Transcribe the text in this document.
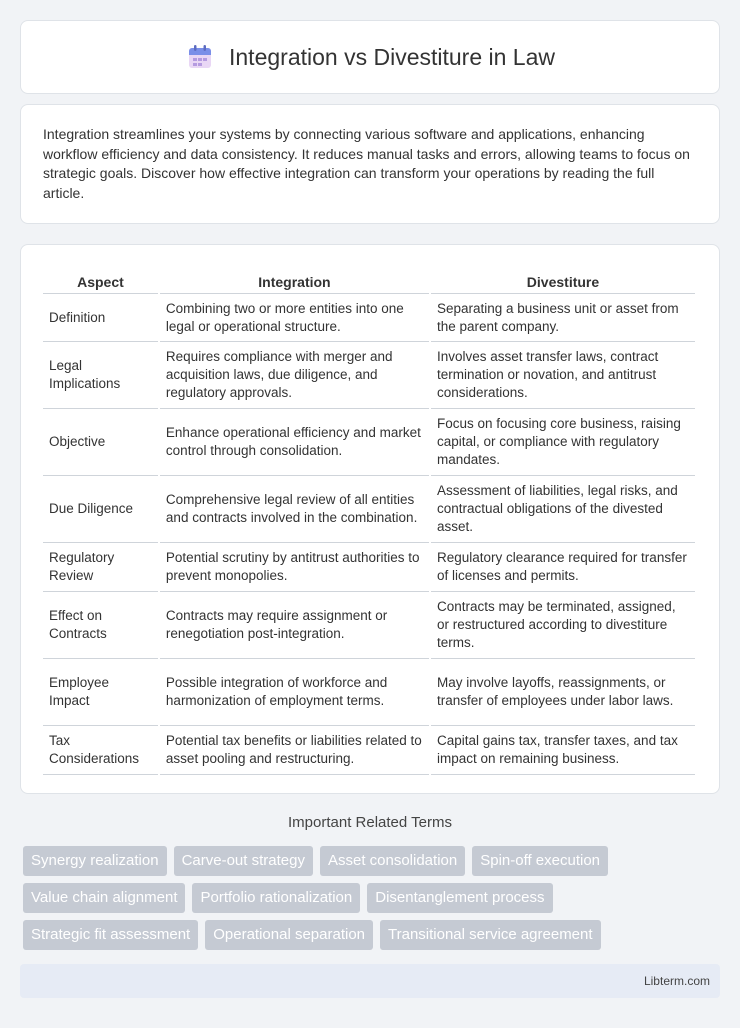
Integration vs Divestiture in Law

Integration streamlines your systems by connecting various software and applications, enhancing workflow efficiency and data consistency. It reduces manual tasks and errors, allowing teams to focus on strategic goals. Discover how effective integration can transform your operations by reading the full article.

Aspect	Integration	Divestiture
Definition	Combining two or more entities into one legal or operational structure.	Separating a business unit or asset from the parent company.
Legal Implications	Requires compliance with merger and acquisition laws, due diligence, and regulatory approvals.	Involves asset transfer laws, contract termination or novation, and antitrust considerations.
Objective	Enhance operational efficiency and market control through consolidation.	Focus on focusing core business, raising capital, or compliance with regulatory mandates.
Due Diligence	Comprehensive legal review of all entities and contracts involved in the combination.	Assessment of liabilities, legal risks, and contractual obligations of the divested asset.
Regulatory Review	Potential scrutiny by antitrust authorities to prevent monopolies.	Regulatory clearance required for transfer of licenses and permits.
Effect on Contracts	Contracts may require assignment or renegotiation post-integration.	Contracts may be terminated, assigned, or restructured according to divestiture terms.
Employee Impact	Possible integration of workforce and harmonization of employment terms.	May involve layoffs, reassignments, or transfer of employees under labor laws.
Tax Considerations	Potential tax benefits or liabilities related to asset pooling and restructuring.	Capital gains tax, transfer taxes, and tax impact on remaining business.
Important Related Terms
Synergy realization	Carve-out strategy	Asset consolidation	Spin-off execution
Value chain alignment	Portfolio rationalization	Disentanglement process
Strategic fit assessment	Operational separation	Transitional service agreement
Libterm.com
